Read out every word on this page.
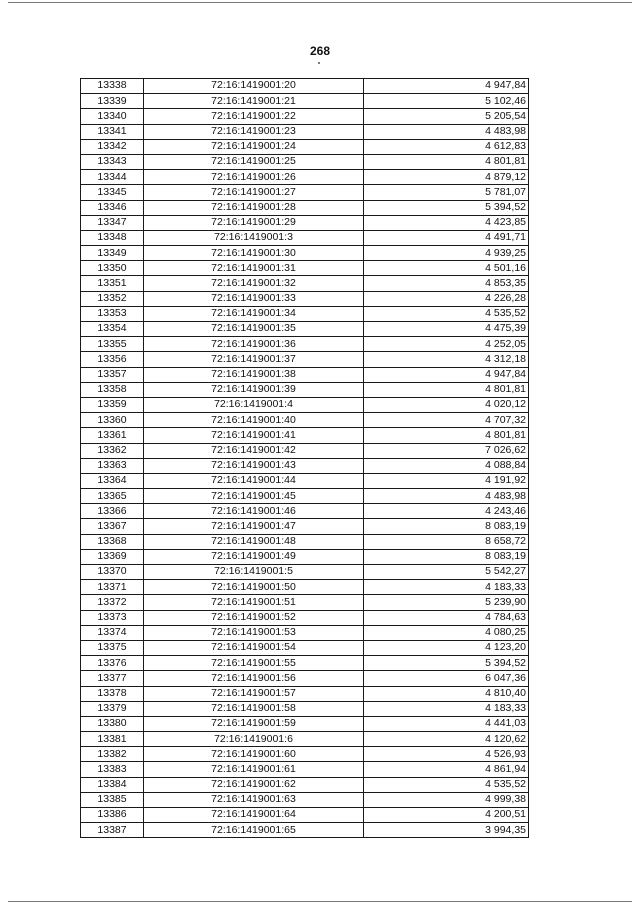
268
13338	72:16:1419001:20	4 947,84
13339	72:16:1419001:21	5 102,46
13340	72:16:1419001:22	5 205,54
13341	72:16:1419001:23	4 483,98
13342	72:16:1419001:24	4 612,83
13343	72:16:1419001:25	4 801,81
13344	72:16:1419001:26	4 879,12
13345	72:16:1419001:27	5 781,07
13346	72:16:1419001:28	5 394,52
13347	72:16:1419001:29	4 423,85
13348	72:16:1419001:3	4 491,71
13349	72:16:1419001:30	4 939,25
13350	72:16:1419001:31	4 501,16
13351	72:16:1419001:32	4 853,35
13352	72:16:1419001:33	4 226,28
13353	72:16:1419001:34	4 535,52
13354	72:16:1419001:35	4 475,39
13355	72:16:1419001:36	4 252,05
13356	72:16:1419001:37	4 312,18
13357	72:16:1419001:38	4 947,84
13358	72:16:1419001:39	4 801,81
13359	72:16:1419001:4	4 020,12
13360	72:16:1419001:40	4 707,32
13361	72:16:1419001:41	4 801,81
13362	72:16:1419001:42	7 026,62
13363	72:16:1419001:43	4 088,84
13364	72:16:1419001:44	4 191,92
13365	72:16:1419001:45	4 483,98
13366	72:16:1419001:46	4 243,46
13367	72:16:1419001:47	8 083,19
13368	72:16:1419001:48	8 658,72
13369	72:16:1419001:49	8 083,19
13370	72:16:1419001:5	5 542,27
13371	72:16:1419001:50	4 183,33
13372	72:16:1419001:51	5 239,90
13373	72:16:1419001:52	4 784,63
13374	72:16:1419001:53	4 080,25
13375	72:16:1419001:54	4 123,20
13376	72:16:1419001:55	5 394,52
13377	72:16:1419001:56	6 047,36
13378	72:16:1419001:57	4 810,40
13379	72:16:1419001:58	4 183,33
13380	72:16:1419001:59	4 441,03
13381	72:16:1419001:6	4 120,62
13382	72:16:1419001:60	4 526,93
13383	72:16:1419001:61	4 861,94
13384	72:16:1419001:62	4 535,52
13385	72:16:1419001:63	4 999,38
13386	72:16:1419001:64	4 200,51
13387	72:16:1419001:65	3 994,35
